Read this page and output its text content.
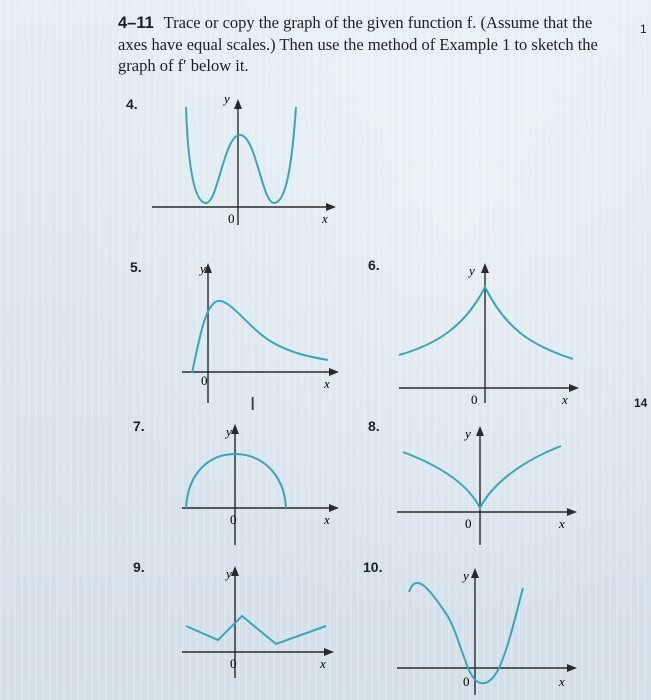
4–11 Trace or copy the graph of the given function f. (Assume that the axes have equal scales.) Then use the method of Example 1 to sketch the graph of f′ below it.
1
14
4.	y
0	x
5.	y
0	x
6.	y
0	x
7.	y
0	x
8.	y
0	x
9.	y
0	x
10.
y
0	x
I
